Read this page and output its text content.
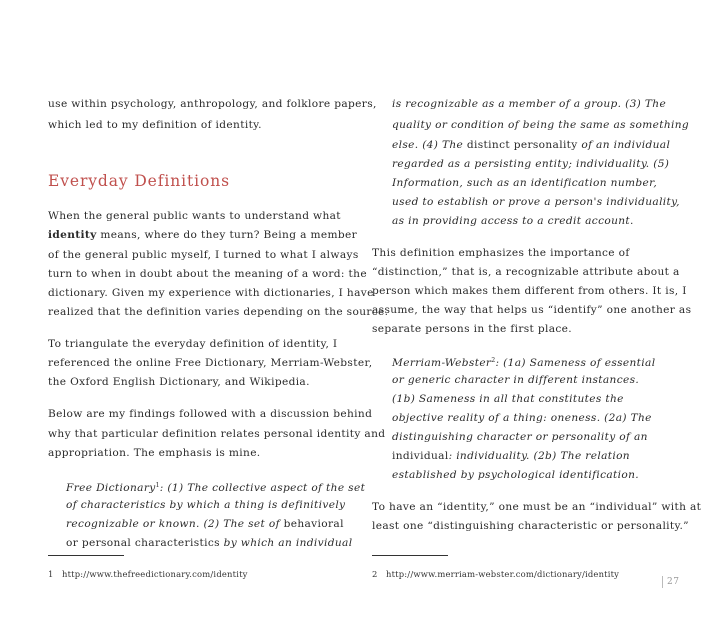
use within psychology, anthropology, and folklore papers,
which led to my definition of identity.
Everyday Definitions
When the general public wants to understand what
identity means, where do they turn? Being a member
of the general public myself, I turned to what I always
turn to when in doubt about the meaning of a word: the
dictionary. Given my experience with dictionaries, I have
realized that the definition varies depending on the source.
To triangulate the everyday definition of identity, I
referenced the online Free Dictionary, Merriam-Webster,
the Oxford English Dictionary, and Wikipedia.
Below are my findings followed with a discussion behind
why that particular definition relates personal identity and
appropriation. The emphasis is mine.
Free Dictionary$^1$: (1) The collective aspect of the set
of characteristics by which a thing is definitively
recognizable or known. (2) The set of behavioral
or personal characteristics by which an individual
1 http://www.thefreedictionary.com/identity
is recognizable as a member of a group. (3) The
quality or condition of being the same as something
else. (4) The distinct personality of an individual
regarded as a persisting entity; individuality. (5)
Information, such as an identification number,
used to establish or prove a person's individuality,
as in providing access to a credit account.
This definition emphasizes the importance of
“distinction,” that is, a recognizable attribute about a
person which makes them different from others. It is, I
assume, the way that helps us “identify” one another as
separate persons in the first place.
Merriam-Webster$^2$: (1a) Sameness of essential
or generic character in different instances.
(1b) Sameness in all that constitutes the
objective reality of a thing: oneness. (2a) The
distinguishing character or personality of an
individual: individuality. (2b) The relation
established by psychological identification.
To have an “identity,” one must be an “individual” with at
least one “distinguishing characteristic or personality.”
2 http://www.merriam-webster.com/dictionary/identity
27
